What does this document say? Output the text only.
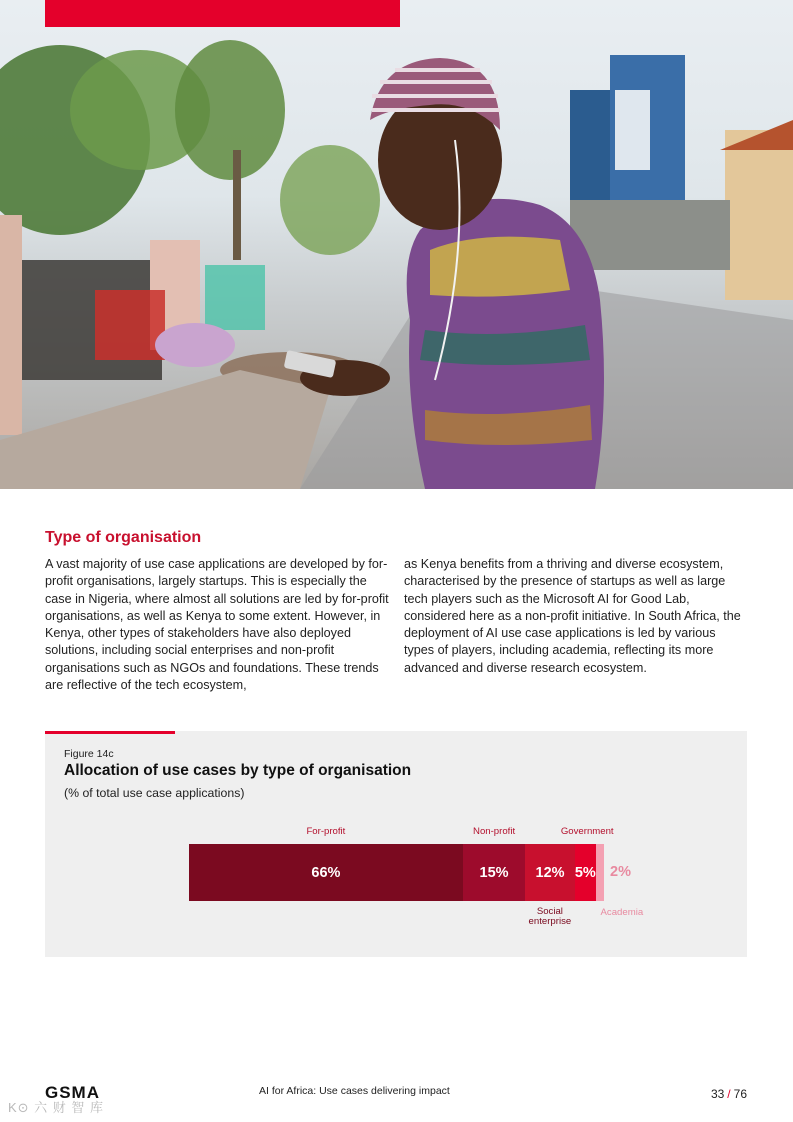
Type of organisation
A vast majority of use case applications are developed by for-profit organisations, largely startups. This is especially the case in Nigeria, where almost all solutions are led by for-profit organisations, as well as Kenya to some extent. However, in Kenya, other types of stakeholders have also deployed solutions, including social enterprises and non-profit organisations such as NGOs and foundations. These trends are reflective of the tech ecosystem,
as Kenya benefits from a thriving and diverse ecosystem, characterised by the presence of startups as well as large tech players such as the Microsoft AI for Good Lab, considered here as a non-profit initiative. In South Africa, the deployment of AI use case applications is led by various types of players, including academia, reflecting its more advanced and diverse research ecosystem.
Figure 14c
Allocation of use cases by type of organisation
(% of total use case applications)
66%
For-profit
15%
Non-profit
12%
Social
enterprise
5%
Government
2%
Academia
GSMA	AI for Africa: Use cases delivering impact	33 / 76
K⊙ 六 财 智 库
